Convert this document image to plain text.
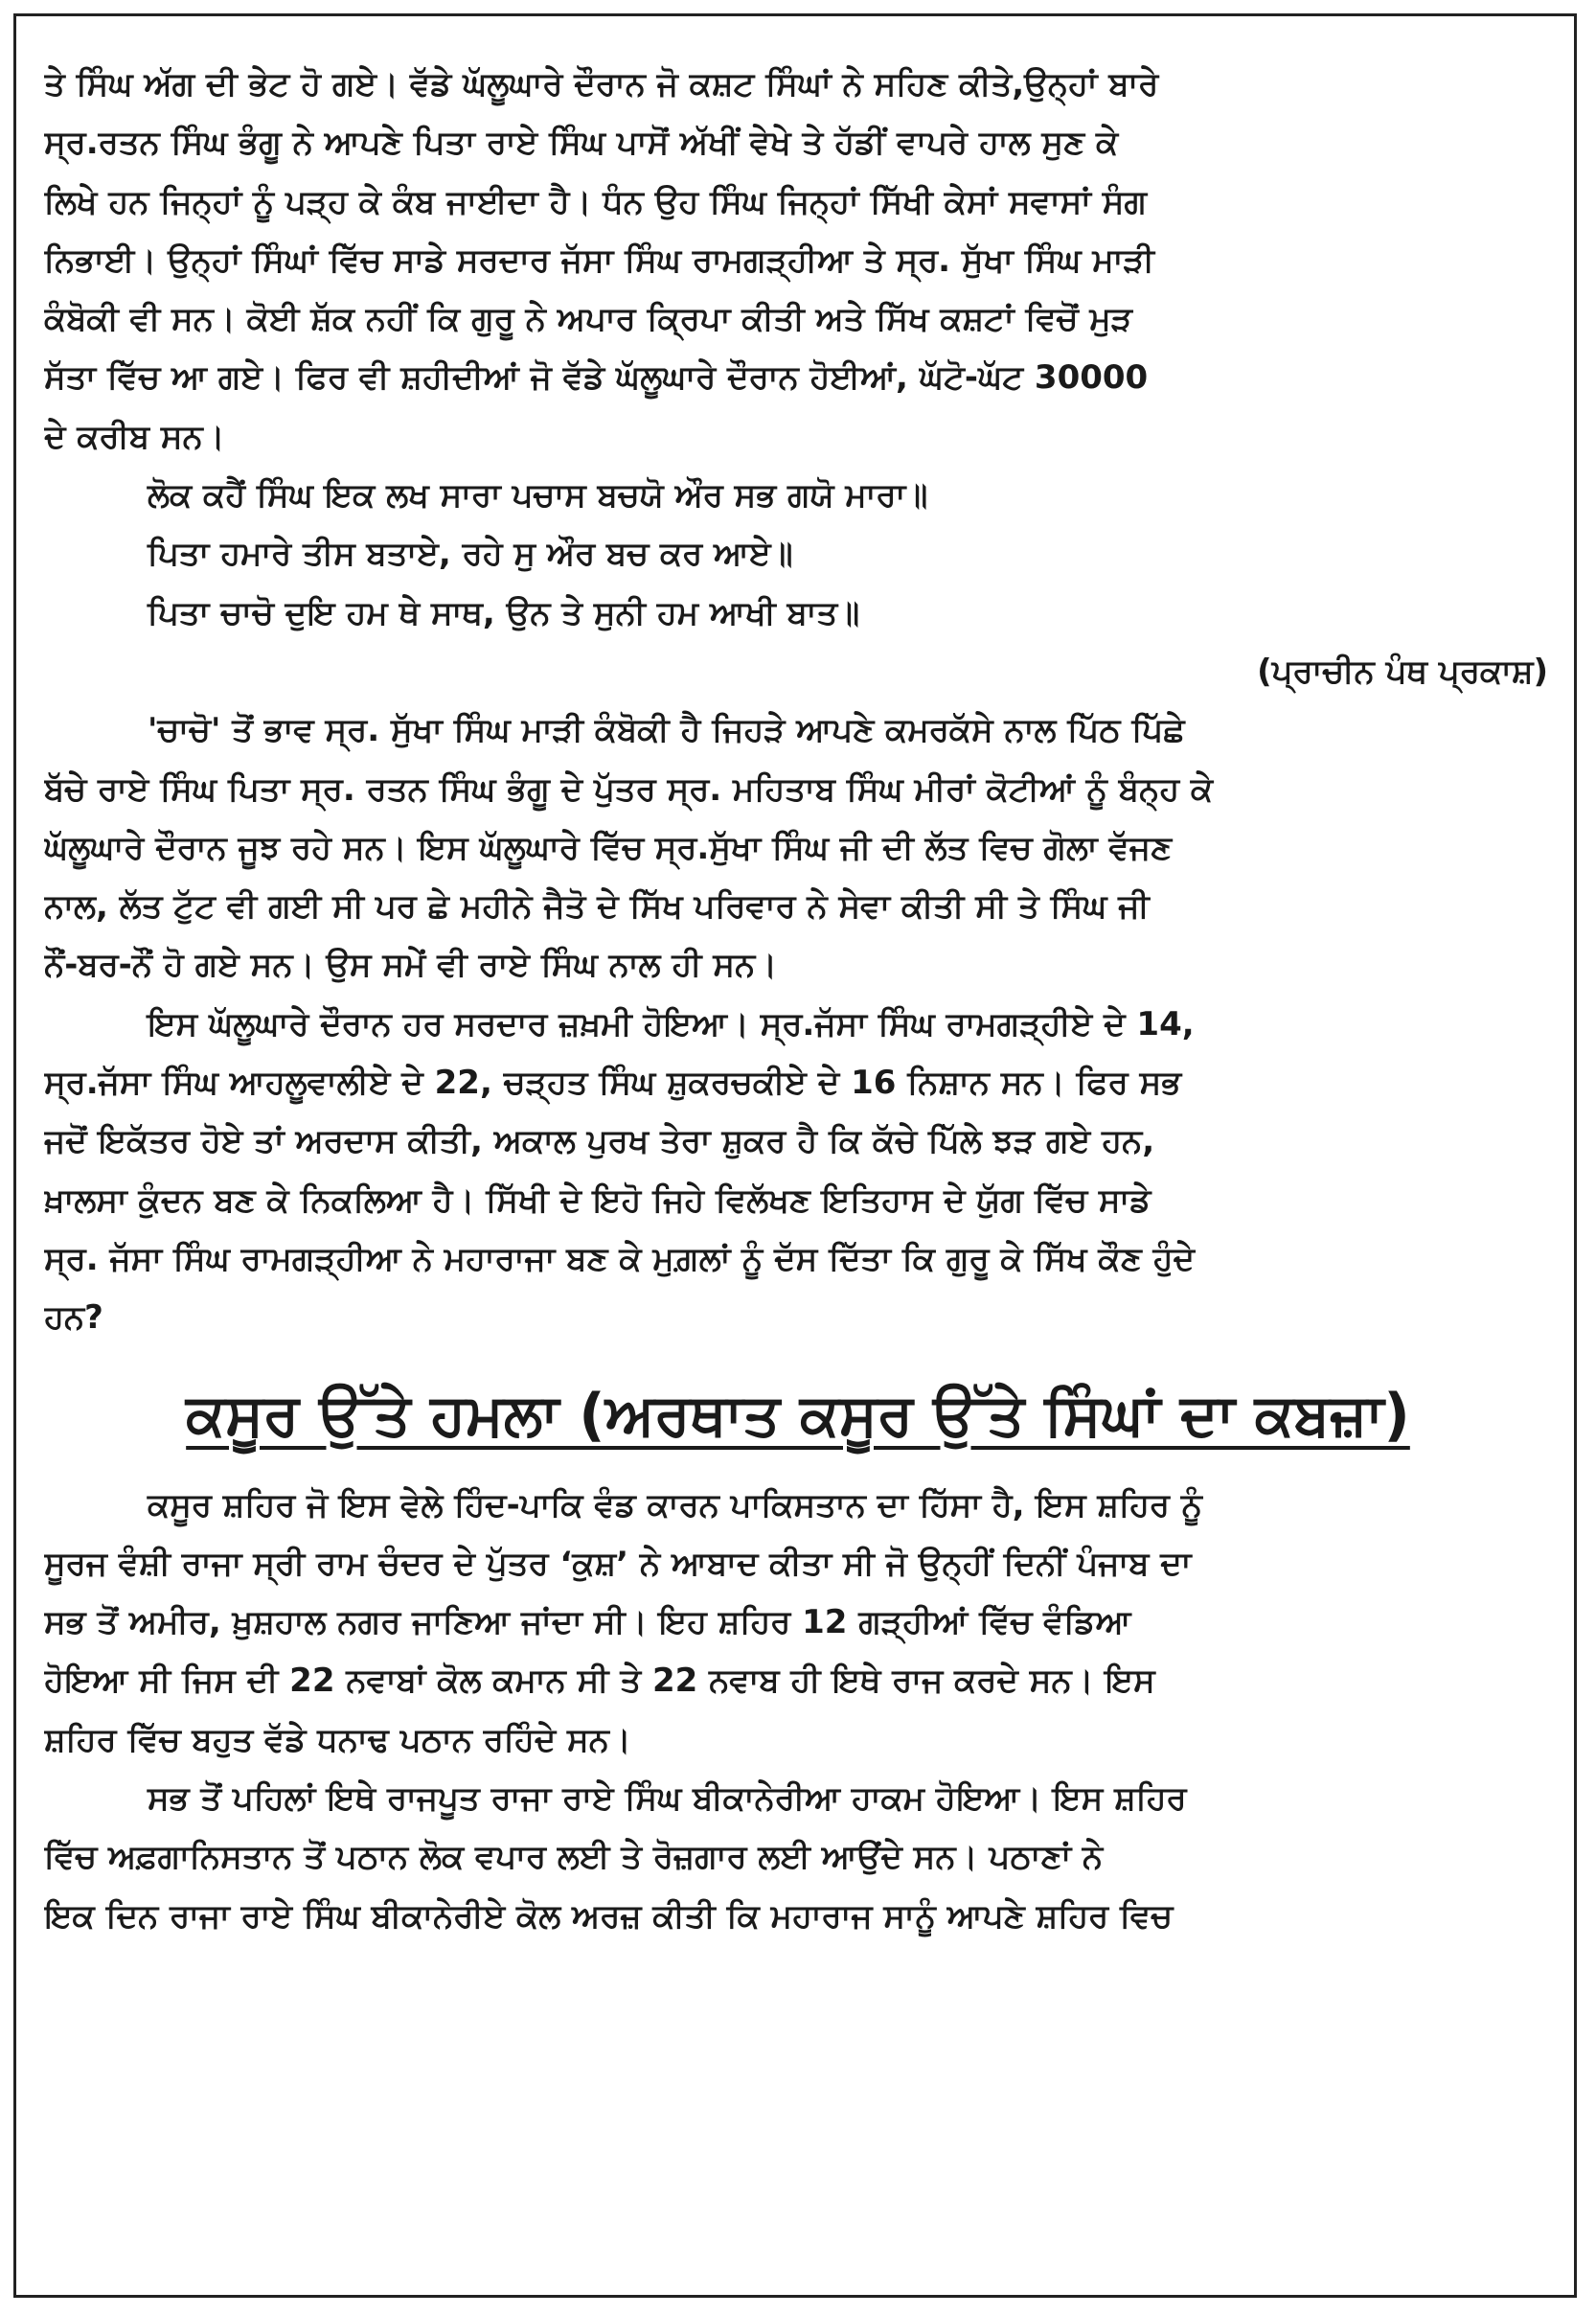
ਤੇ ਸਿੰਘ ਅੱਗ ਦੀ ਭੇਟ ਹੋ ਗਏ। ਵੱਡੇ ਘੱਲੂਘਾਰੇ ਦੌਰਾਨ ਜੋ ਕਸ਼ਟ ਸਿੰਘਾਂ ਨੇ ਸਹਿਣ ਕੀਤੇ,ਉਨ੍ਹਾਂ ਬਾਰੇ
ਸ੍ਰ.ਰਤਨ ਸਿੰਘ ਭੰਗੂ ਨੇ ਆਪਣੇ ਪਿਤਾ ਰਾਏ ਸਿੰਘ ਪਾਸੋਂ ਅੱਖੀਂ ਵੇਖੇ ਤੇ ਹੱਡੀਂ ਵਾਪਰੇ ਹਾਲ ਸੁਣ ਕੇ
ਲਿਖੇ ਹਨ ਜਿਨ੍ਹਾਂ ਨੂੰ ਪੜ੍ਹ ਕੇ ਕੰਬ ਜਾਈਦਾ ਹੈ। ਧੰਨ ਉਹ ਸਿੰਘ ਜਿਨ੍ਹਾਂ ਸਿੱਖੀ ਕੇਸਾਂ ਸਵਾਸਾਂ ਸੰਗ
ਨਿਭਾਈ। ਉਨ੍ਹਾਂ ਸਿੰਘਾਂ ਵਿੱਚ ਸਾਡੇ ਸਰਦਾਰ ਜੱਸਾ ਸਿੰਘ ਰਾਮਗੜ੍ਹੀਆ ਤੇ ਸ੍ਰ. ਸੁੱਖਾ ਸਿੰਘ ਮਾੜੀ
ਕੰਬੋਕੀ ਵੀ ਸਨ। ਕੋਈ ਸ਼ੱਕ ਨਹੀਂ ਕਿ ਗੁਰੂ ਨੇ ਅਪਾਰ ਕ੍ਰਿਪਾ ਕੀਤੀ ਅਤੇ ਸਿੱਖ ਕਸ਼ਟਾਂ ਵਿਚੋਂ ਮੁੜ
ਸੱਤਾ ਵਿੱਚ ਆ ਗਏ। ਫਿਰ ਵੀ ਸ਼ਹੀਦੀਆਂ ਜੋ ਵੱਡੇ ਘੱਲੂਘਾਰੇ ਦੌਰਾਨ ਹੋਈਆਂ, ਘੱਟੋ-ਘੱਟ 30000
ਦੇ ਕਰੀਬ ਸਨ।
ਲੋਕ ਕਹੈਂ ਸਿੰਘ ਇਕ ਲਖ ਸਾਰਾ ਪਚਾਸ ਬਚਯੋ ਔਰ ਸਭ ਗਯੋ ਮਾਰਾ॥
ਪਿਤਾ ਹਮਾਰੇ ਤੀਸ ਬਤਾਏ, ਰਹੇ ਸੁ ਔਰ ਬਚ ਕਰ ਆਏ॥
ਪਿਤਾ ਚਾਚੋ ਦੁਇ ਹਮ ਥੇ ਸਾਥ, ਉਨ ਤੇ ਸੁਨੀ ਹਮ ਆਖੀ ਬਾਤ॥
(ਪ੍ਰਾਚੀਨ ਪੰਥ ਪ੍ਰਕਾਸ਼)
'ਚਾਚੋ' ਤੋਂ ਭਾਵ ਸ੍ਰ. ਸੁੱਖਾ ਸਿੰਘ ਮਾੜੀ ਕੰਬੋਕੀ ਹੈ ਜਿਹੜੇ ਆਪਣੇ ਕਮਰਕੱਸੇ ਨਾਲ ਪਿੱਠ ਪਿੱਛੇ
ਬੱਚੇ ਰਾਏ ਸਿੰਘ ਪਿਤਾ ਸ੍ਰ. ਰਤਨ ਸਿੰਘ ਭੰਗੂ ਦੇ ਪੁੱਤਰ ਸ੍ਰ. ਮਹਿਤਾਬ ਸਿੰਘ ਮੀਰਾਂ ਕੋਟੀਆਂ ਨੂੰ ਬੰਨ੍ਹ ਕੇ
ਘੱਲੂਘਾਰੇ ਦੌਰਾਨ ਜੂਝ ਰਹੇ ਸਨ। ਇਸ ਘੱਲੂਘਾਰੇ ਵਿੱਚ ਸ੍ਰ.ਸੁੱਖਾ ਸਿੰਘ ਜੀ ਦੀ ਲੱਤ ਵਿਚ ਗੋਲਾ ਵੱਜਣ
ਨਾਲ, ਲੱਤ ਟੁੱਟ ਵੀ ਗਈ ਸੀ ਪਰ ਛੇ ਮਹੀਨੇ ਜੈਤੋ ਦੇ ਸਿੱਖ ਪਰਿਵਾਰ ਨੇ ਸੇਵਾ ਕੀਤੀ ਸੀ ਤੇ ਸਿੰਘ ਜੀ
ਨੌਂ-ਬਰ-ਨੌਂ ਹੋ ਗਏ ਸਨ। ਉਸ ਸਮੇਂ ਵੀ ਰਾਏ ਸਿੰਘ ਨਾਲ ਹੀ ਸਨ।
ਇਸ ਘੱਲੂਘਾਰੇ ਦੌਰਾਨ ਹਰ ਸਰਦਾਰ ਜ਼ਖ਼ਮੀ ਹੋਇਆ। ਸ੍ਰ.ਜੱਸਾ ਸਿੰਘ ਰਾਮਗੜ੍ਹੀਏ ਦੇ 14,
ਸ੍ਰ.ਜੱਸਾ ਸਿੰਘ ਆਹਲੂਵਾਲੀਏ ਦੇ 22, ਚੜ੍ਹਤ ਸਿੰਘ ਸ਼ੁਕਰਚਕੀਏ ਦੇ 16 ਨਿਸ਼ਾਨ ਸਨ। ਫਿਰ ਸਭ
ਜਦੋਂ ਇਕੱਤਰ ਹੋਏ ਤਾਂ ਅਰਦਾਸ ਕੀਤੀ, ਅਕਾਲ ਪੁਰਖ ਤੇਰਾ ਸ਼ੁਕਰ ਹੈ ਕਿ ਕੱਚੇ ਪਿੱਲੇ ਝੜ ਗਏ ਹਨ,
ਖ਼ਾਲਸਾ ਕੁੰਦਨ ਬਣ ਕੇ ਨਿਕਲਿਆ ਹੈ। ਸਿੱਖੀ ਦੇ ਇਹੋ ਜਿਹੇ ਵਿਲੱਖਣ ਇਤਿਹਾਸ ਦੇ ਯੁੱਗ ਵਿੱਚ ਸਾਡੇ
ਸ੍ਰ. ਜੱਸਾ ਸਿੰਘ ਰਾਮਗੜ੍ਹੀਆ ਨੇ ਮਹਾਰਾਜਾ ਬਣ ਕੇ ਮੁਗ਼ਲਾਂ ਨੂੰ ਦੱਸ ਦਿੱਤਾ ਕਿ ਗੁਰੂ ਕੇ ਸਿੱਖ ਕੌਣ ਹੁੰਦੇ
ਹਨ?
ਕਸੂਰ ਉੱਤੇ ਹਮਲਾ (ਅਰਥਾਤ ਕਸੂਰ ਉੱਤੇ ਸਿੰਘਾਂ ਦਾ ਕਬਜ਼ਾ)
ਕਸੂਰ ਸ਼ਹਿਰ ਜੋ ਇਸ ਵੇਲੇ ਹਿੰਦ-ਪਾਕਿ ਵੰਡ ਕਾਰਨ ਪਾਕਿਸਤਾਨ ਦਾ ਹਿੱਸਾ ਹੈ, ਇਸ ਸ਼ਹਿਰ ਨੂੰ
ਸੂਰਜ ਵੰਸ਼ੀ ਰਾਜਾ ਸ੍ਰੀ ਰਾਮ ਚੰਦਰ ਦੇ ਪੁੱਤਰ ‘ਕੁਸ਼’ ਨੇ ਆਬਾਦ ਕੀਤਾ ਸੀ ਜੋ ਉਨ੍ਹੀਂ ਦਿਨੀਂ ਪੰਜਾਬ ਦਾ
ਸਭ ਤੋਂ ਅਮੀਰ, ਖ਼ੁਸ਼ਹਾਲ ਨਗਰ ਜਾਣਿਆ ਜਾਂਦਾ ਸੀ। ਇਹ ਸ਼ਹਿਰ 12 ਗੜ੍ਹੀਆਂ ਵਿੱਚ ਵੰਡਿਆ
ਹੋਇਆ ਸੀ ਜਿਸ ਦੀ 22 ਨਵਾਬਾਂ ਕੋਲ ਕਮਾਨ ਸੀ ਤੇ 22 ਨਵਾਬ ਹੀ ਇਥੇ ਰਾਜ ਕਰਦੇ ਸਨ। ਇਸ
ਸ਼ਹਿਰ ਵਿੱਚ ਬਹੁਤ ਵੱਡੇ ਧਨਾਢ ਪਠਾਨ ਰਹਿੰਦੇ ਸਨ।
ਸਭ ਤੋਂ ਪਹਿਲਾਂ ਇਥੇ ਰਾਜਪੂਤ ਰਾਜਾ ਰਾਏ ਸਿੰਘ ਬੀਕਾਨੇਰੀਆ ਹਾਕਮ ਹੋਇਆ। ਇਸ ਸ਼ਹਿਰ
ਵਿੱਚ ਅਫ਼ਗਾਨਿਸਤਾਨ ਤੋਂ ਪਠਾਨ ਲੋਕ ਵਪਾਰ ਲਈ ਤੇ ਰੋਜ਼ਗਾਰ ਲਈ ਆਉਂਦੇ ਸਨ। ਪਠਾਣਾਂ ਨੇ
ਇਕ ਦਿਨ ਰਾਜਾ ਰਾਏ ਸਿੰਘ ਬੀਕਾਨੇਰੀਏ ਕੋਲ ਅਰਜ਼ ਕੀਤੀ ਕਿ ਮਹਾਰਾਜ ਸਾਨੂੰ ਆਪਣੇ ਸ਼ਹਿਰ ਵਿਚ
